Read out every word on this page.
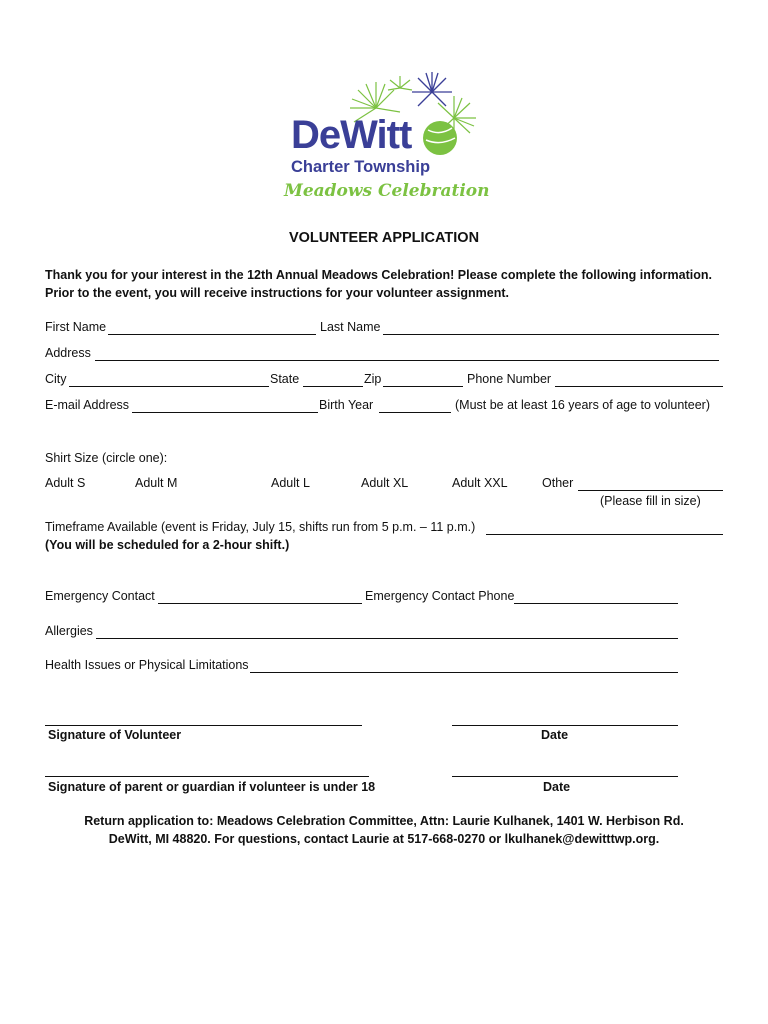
DeWitt
Charter Township
Meadows Celebration
VOLUNTEER APPLICATION
Thank you for your interest in the 12th Annual Meadows Celebration! Please complete the following information.
Prior to the event, you will receive instructions for your volunteer assignment.
First Name	Last Name
Address
City	State	Zip	Phone Number
E-mail Address	Birth Year	(Must be at least 16 years of age to volunteer)
Shirt Size (circle one):
Adult S	Adult M	Adult L	Adult XL	Adult XXL	Other
(Please fill in size)
Timeframe Available (event is Friday, July 15, shifts run from 5 p.m. – 11 p.m.)
(You will be scheduled for a 2-hour shift.)
Emergency Contact	Emergency Contact Phone
Allergies
Health Issues or Physical Limitations
Signature of Volunteer	Date
Signature of parent or guardian if volunteer is under 18	Date
Return application to: Meadows Celebration Committee, Attn: Laurie Kulhanek, 1401 W. Herbison Rd.
DeWitt, MI 48820. For questions, contact Laurie at 517-668-0270 or lkulhanek@dewitttwp.org.
